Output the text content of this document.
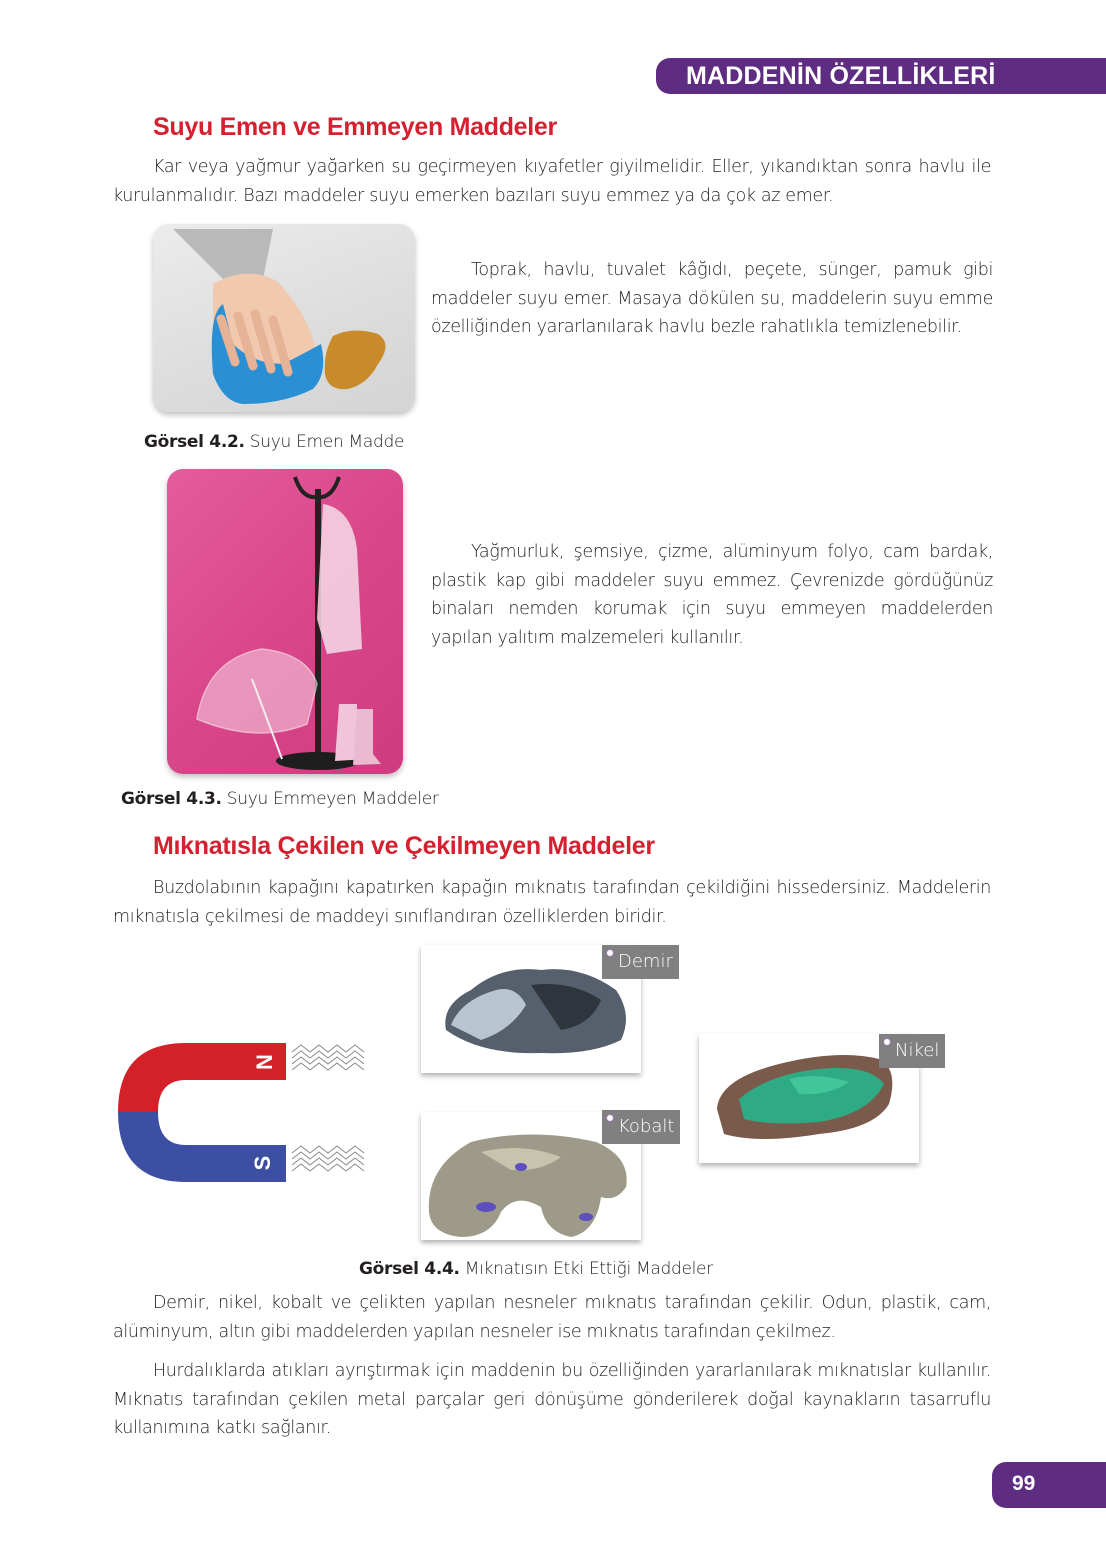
MADDENİN ÖZELLİKLERİ
Suyu Emen ve Emmeyen Maddeler

Kar veya yağmur yağarken su geçirmeyen kıyafetler giyilmelidir. Eller, yıkandıktan sonra havlu ile kurulanmalıdır. Bazı maddeler suyu emerken bazıları suyu emmez ya da çok az emer.

Görsel 4.2. Suyu Emen Madde

Toprak, havlu, tuvalet kâğıdı, peçete, sünger, pamuk gibi maddeler suyu emer. Masaya dökülen su, maddelerin suyu emme özelliğinden yararlanılarak havlu bezle rahatlıkla temizlenebilir.

Görsel 4.3. Suyu Emmeyen Maddeler

Yağmurluk, şemsiye, çizme, alüminyum folyo, cam bardak, plastik kap gibi maddeler suyu emmez. Çevrenizde gördüğünüz binaları nemden korumak için suyu emmeyen maddelerden yapılan yalıtım malzemeleri kullanılır.

Mıknatısla Çekilen ve Çekilmeyen Maddeler

Buzdolabının kapağını kapatırken kapağın mıknatıs tarafından çekildiğini hissedersiniz. Maddelerin mıknatısla çekilmesi de maddeyi sınıflandıran özelliklerden biridir.

N
S
Demir
Kobalt
Nikel
Görsel 4.4. Mıknatısın Etki Ettiği Maddeler

Demir, nikel, kobalt ve çelikten yapılan nesneler mıknatıs tarafından çekilir. Odun, plastik, cam, alüminyum, altın gibi maddelerden yapılan nesneler ise mıknatıs tarafından çekilmez.

Hurdalıklarda atıkları ayrıştırmak için maddenin bu özelliğinden yararlanılarak mıknatıslar kullanılır. Mıknatıs tarafından çekilen metal parçalar geri dönüşüme gönderilerek doğal kaynakların tasarruflu kullanımına katkı sağlanır.

99
